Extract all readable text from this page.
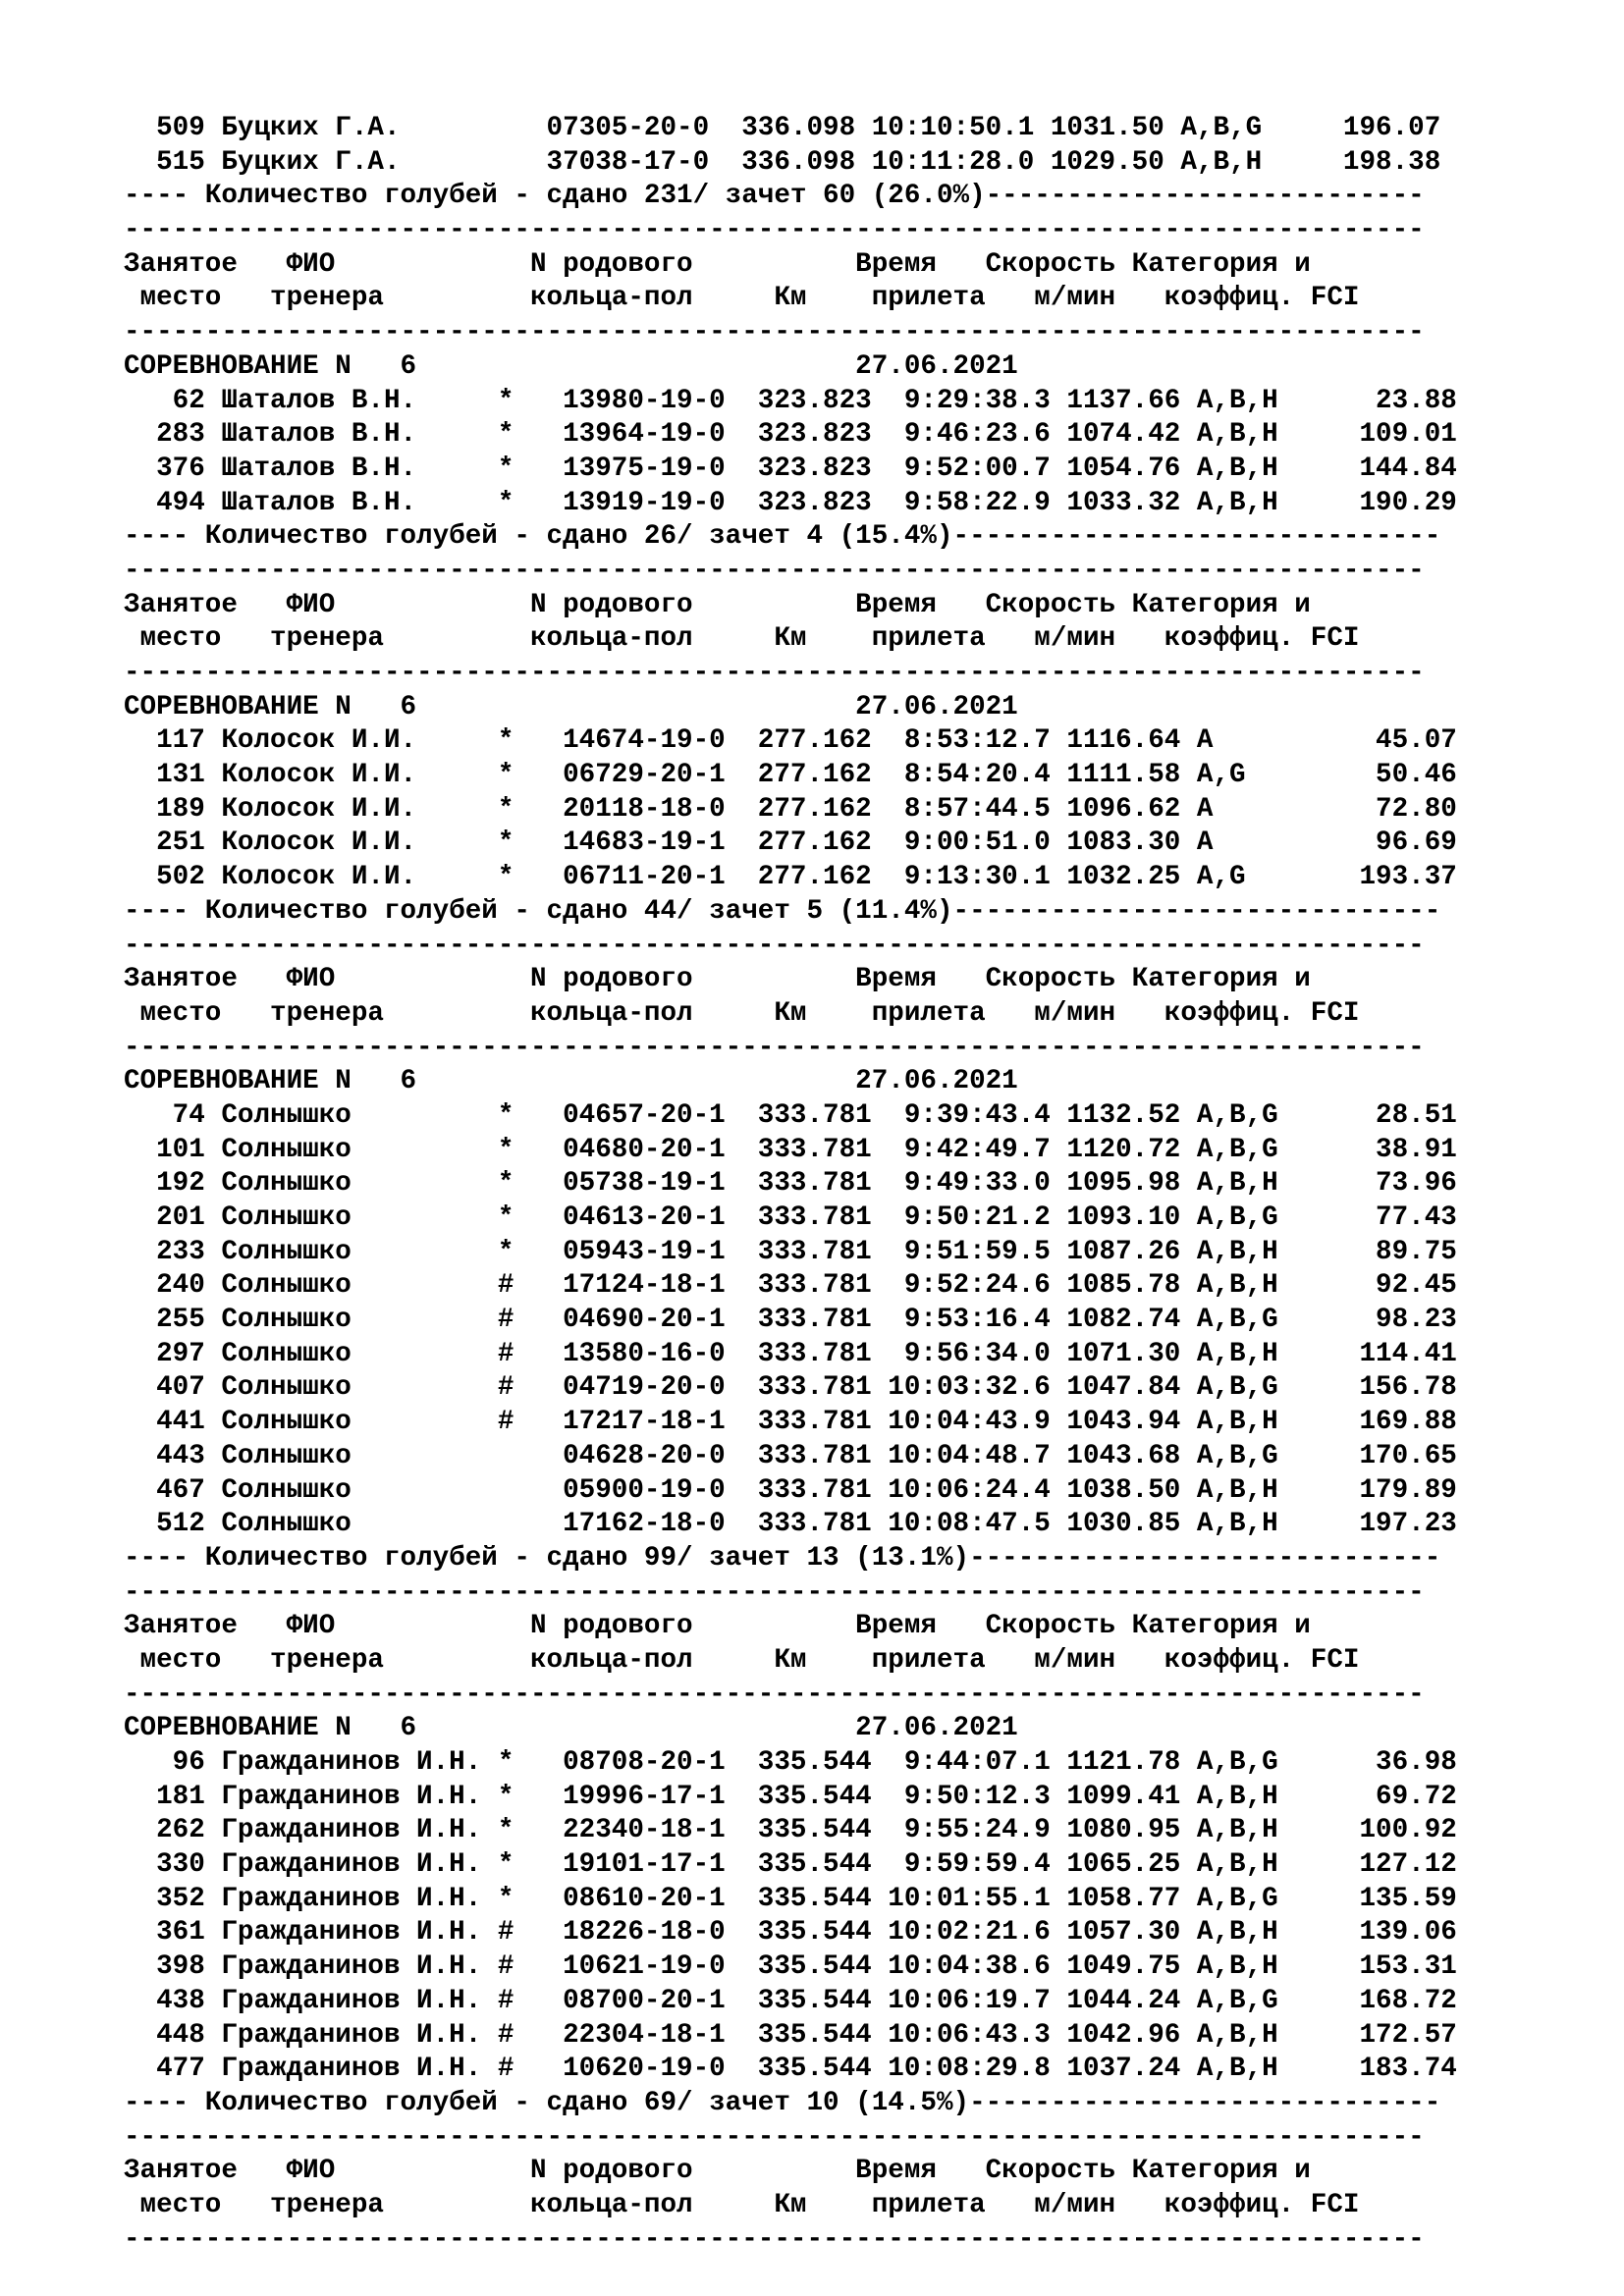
509 Буцких Г.А.         07305-20-0  336.098 10:10:50.1 1031.50 A,B,G     196.07
515 Буцких Г.А.         37038-17-0  336.098 10:11:28.0 1029.50 A,B,H     198.38
---- Количество голубей - сдано 231/ зачет 60 (26.0%)---------------------------
--------------------------------------------------------------------------------
Занятое   ФИО            N родового          Время   Скорость Категория и
место   тренера         кольца-пол     Км    прилета   м/мин   коэффиц. FCI
--------------------------------------------------------------------------------
СОРЕВНОВАНИЕ N   6                           27.06.2021
62 Шаталов В.Н.     *   13980-19-0  323.823  9:29:38.3 1137.66 A,B,H      23.88
283 Шаталов В.Н.     *   13964-19-0  323.823  9:46:23.6 1074.42 A,B,H     109.01
376 Шаталов В.Н.     *   13975-19-0  323.823  9:52:00.7 1054.76 A,B,H     144.84
494 Шаталов В.Н.     *   13919-19-0  323.823  9:58:22.9 1033.32 A,B,H     190.29
---- Количество голубей - сдано 26/ зачет 4 (15.4%)------------------------------
--------------------------------------------------------------------------------
Занятое   ФИО            N родового          Время   Скорость Категория и
место   тренера         кольца-пол     Км    прилета   м/мин   коэффиц. FCI
--------------------------------------------------------------------------------
СОРЕВНОВАНИЕ N   6                           27.06.2021
117 Колосок И.И.     *   14674-19-0  277.162  8:53:12.7 1116.64 A          45.07
131 Колосок И.И.     *   06729-20-1  277.162  8:54:20.4 1111.58 A,G        50.46
189 Колосок И.И.     *   20118-18-0  277.162  8:57:44.5 1096.62 A          72.80
251 Колосок И.И.     *   14683-19-1  277.162  9:00:51.0 1083.30 A          96.69
502 Колосок И.И.     *   06711-20-1  277.162  9:13:30.1 1032.25 A,G       193.37
---- Количество голубей - сдано 44/ зачет 5 (11.4%)------------------------------
--------------------------------------------------------------------------------
Занятое   ФИО            N родового          Время   Скорость Категория и
место   тренера         кольца-пол     Км    прилета   м/мин   коэффиц. FCI
--------------------------------------------------------------------------------
СОРЕВНОВАНИЕ N   6                           27.06.2021
74 Солнышко         *   04657-20-1  333.781  9:39:43.4 1132.52 A,B,G      28.51
101 Солнышко         *   04680-20-1  333.781  9:42:49.7 1120.72 A,B,G      38.91
192 Солнышко         *   05738-19-1  333.781  9:49:33.0 1095.98 A,B,H      73.96
201 Солнышко         *   04613-20-1  333.781  9:50:21.2 1093.10 A,B,G      77.43
233 Солнышко         *   05943-19-1  333.781  9:51:59.5 1087.26 A,B,H      89.75
240 Солнышко         #   17124-18-1  333.781  9:52:24.6 1085.78 A,B,H      92.45
255 Солнышко         #   04690-20-1  333.781  9:53:16.4 1082.74 A,B,G      98.23
297 Солнышко         #   13580-16-0  333.781  9:56:34.0 1071.30 A,B,H     114.41
407 Солнышко         #   04719-20-0  333.781 10:03:32.6 1047.84 A,B,G     156.78
441 Солнышко         #   17217-18-1  333.781 10:04:43.9 1043.94 A,B,H     169.88
443 Солнышко             04628-20-0  333.781 10:04:48.7 1043.68 A,B,G     170.65
467 Солнышко             05900-19-0  333.781 10:06:24.4 1038.50 A,B,H     179.89
512 Солнышко             17162-18-0  333.781 10:08:47.5 1030.85 A,B,H     197.23
---- Количество голубей - сдано 99/ зачет 13 (13.1%)-----------------------------
--------------------------------------------------------------------------------
Занятое   ФИО            N родового          Время   Скорость Категория и
место   тренера         кольца-пол     Км    прилета   м/мин   коэффиц. FCI
--------------------------------------------------------------------------------
СОРЕВНОВАНИЕ N   6                           27.06.2021
96 Гражданинов И.Н. *   08708-20-1  335.544  9:44:07.1 1121.78 A,B,G      36.98
181 Гражданинов И.Н. *   19996-17-1  335.544  9:50:12.3 1099.41 A,B,H      69.72
262 Гражданинов И.Н. *   22340-18-1  335.544  9:55:24.9 1080.95 A,B,H     100.92
330 Гражданинов И.Н. *   19101-17-1  335.544  9:59:59.4 1065.25 A,B,H     127.12
352 Гражданинов И.Н. *   08610-20-1  335.544 10:01:55.1 1058.77 A,B,G     135.59
361 Гражданинов И.Н. #   18226-18-0  335.544 10:02:21.6 1057.30 A,B,H     139.06
398 Гражданинов И.Н. #   10621-19-0  335.544 10:04:38.6 1049.75 A,B,H     153.31
438 Гражданинов И.Н. #   08700-20-1  335.544 10:06:19.7 1044.24 A,B,G     168.72
448 Гражданинов И.Н. #   22304-18-1  335.544 10:06:43.3 1042.96 A,B,H     172.57
477 Гражданинов И.Н. #   10620-19-0  335.544 10:08:29.8 1037.24 A,B,H     183.74
---- Количество голубей - сдано 69/ зачет 10 (14.5%)-----------------------------
--------------------------------------------------------------------------------
Занятое   ФИО            N родового          Время   Скорость Категория и
место   тренера         кольца-пол     Км    прилета   м/мин   коэффиц. FCI
--------------------------------------------------------------------------------
